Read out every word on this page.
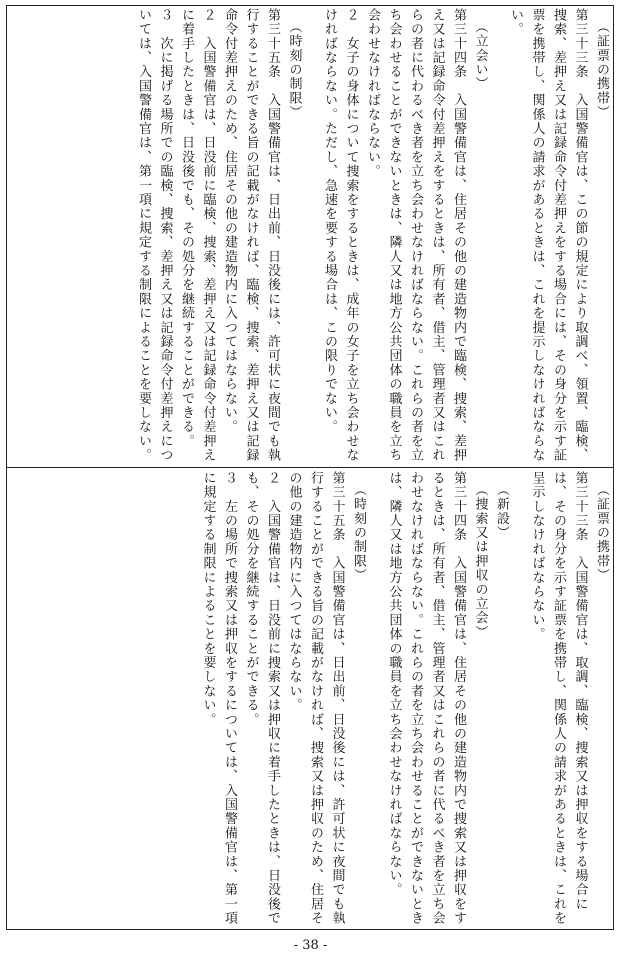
（証票の携帯）

第三十三条　入国警備官は、この節の規定により取調べ、領置、臨検、捜索、差押え又は記録命令付差押えをする場合には、その身分を示す証票を携帯し、関係人の請求があるときは、これを提示しなければならない。

（立会い）

第三十四条　入国警備官は、住居その他の建造物内で臨検、捜索、差押え又は記録命令付差押えをするときは、所有者、借主、管理者又はこれらの者に代わるべき者を立ち会わせなければならない。これらの者を立ち会わせることができないときは、隣人又は地方公共団体の職員を立ち会わせなければならない。

２　女子の身体について捜索をするときは、成年の女子を立ち会わせなければならない。ただし、急速を要する場合は、この限りでない。

（時刻の制限）

第三十五条　入国警備官は、日出前、日没後には、許可状に夜間でも執行することができる旨の記載がなければ、臨検、捜索、差押え又は記録命令付差押えのため、住居その他の建造物内に入つてはならない。

２　入国警備官は、日没前に臨検、捜索、差押え又は記録命令付差押えに着手したときは、日没後でも、その処分を継続することができる。

３　次に掲げる場所での臨検、捜索、差押え又は記録命令付差押えについては、入国警備官は、第一項に規定する制限によることを要しない。

（証票の携帯）

第三十三条　入国警備官は、取調、臨検、捜索又は押収をする場合には、その身分を示す証票を携帯し、関係人の請求があるときは、これを呈示しなければならない。

（新設）

（捜索又は押収の立会）

第三十四条　入国警備官は、住居その他の建造物内で捜索又は押収をするときは、所有者、借主、管理者又はこれらの者に代るべき者を立ち会わせなければならない。これらの者を立ち会わせることができないときは、隣人又は地方公共団体の職員を立ち会わせなければならない。

（時刻の制限）

第三十五条　入国警備官は、日出前、日没後には、許可状に夜間でも執行することができる旨の記載がなければ、捜索又は押収のため、住居その他の建造物内に入つてはならない。

２　入国警備官は、日没前に捜索又は押収に着手したときは、日没後でも、その処分を継続することができる。

３　左の場所で捜索又は押収をするについては、入国警備官は、第一項に規定する制限によることを要しない。

- 38 -
